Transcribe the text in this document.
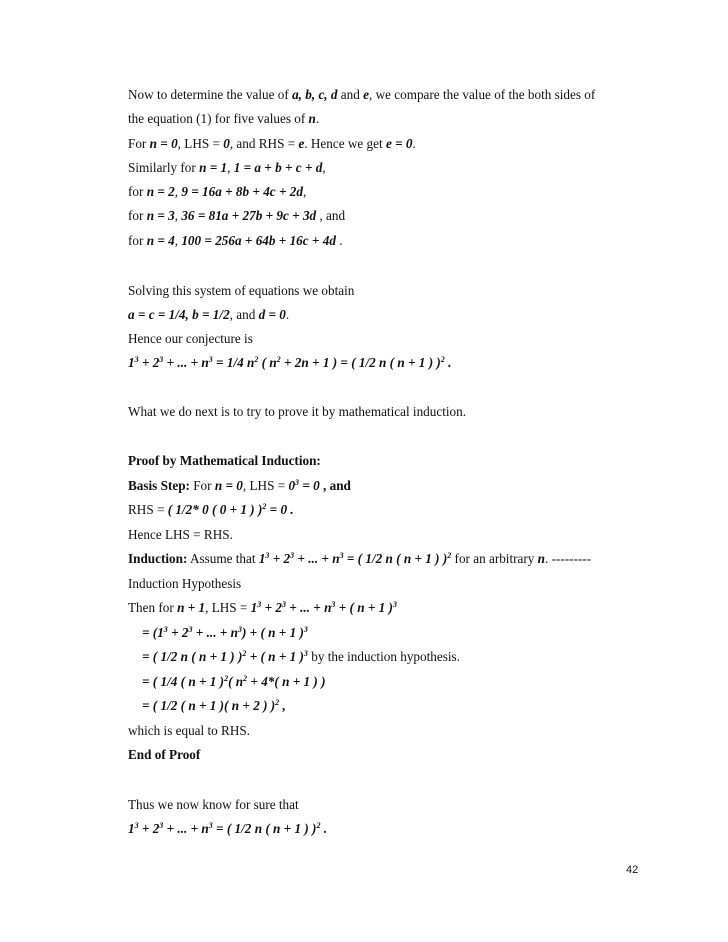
Now to determine the value of a, b, c, d and e, we compare the value of the both sides of
the equation (1) for five values of n.
For n = 0, LHS = 0, and RHS = e. Hence we get e = 0.
Similarly for n = 1, 1 = a + b + c + d,
for n = 2, 9 = 16a + 8b + 4c + 2d,
for n = 3, 36 = 81a + 27b + 9c + 3d , and
for n = 4, 100 = 256a + 64b + 16c + 4d .
Solving this system of equations we obtain
a = c = 1/4, b = 1/2, and d = 0.
Hence our conjecture is
$1^3 + 2^3$ + ... + $n^3 = 1/4$ $n^2$ ( $n^2 + 2n + 1$ ) = ( 1/2 n ( n + 1 ) )$^2$ .
What we do next is to try to prove it by mathematical induction.
Proof by Mathematical Induction:
Basis Step: For n = 0, LHS = $0^3 = 0$ , and
RHS = ( 1/2* 0 ( 0 + 1 ) )$^2$ = 0 .
Hence LHS = RHS.
Induction: Assume that $1^3 + 2^3$ + ... + $n^3$ = ( 1/2 n ( n + 1 ) )$^2$ for an arbitrary n. ---------
Induction Hypothesis
Then for n + 1, LHS = $1^3 + 2^3$ + ... + $n^3$ + ( n + 1 )$^3$
= ($1^3 + 2^3$ + ... + $n^3$) + ( n + 1 )$^3$
= ( 1/2 n ( n + 1 ) )$^2$ + ( n + 1 )$^3$ by the induction hypothesis.
= ( 1/4 ( n + 1 )$^2$( $n^2 + 4*$( n + 1 ) )
= ( 1/2 ( n + 1 )( n + 2 ) )$^2$ ,
which is equal to RHS.
End of Proof
Thus we now know for sure that
$1^3 + 2^3$ + ... + $n^3$ = ( 1/2 n ( n + 1 ) )$^2$ .
42
